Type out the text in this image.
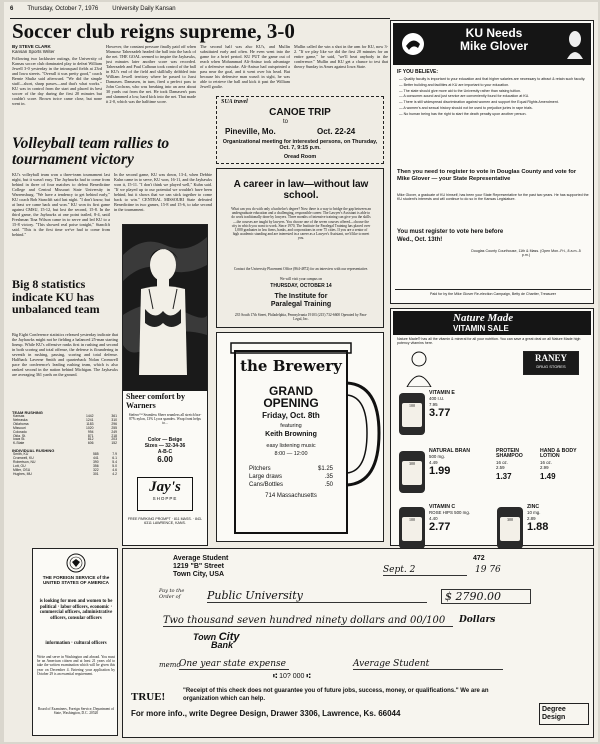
6 Thursday, October 7, 1976 University Daily Kansan
Soccer club reigns supreme, 3-0
By STEVE CLARK
Kansan Sports Writer
Following two lackluster outings, the University of Kansas soccer club dominated play to defeat William Jewell 3-0 yesterday in the intrasquad fields at 23rd and Iowa streets. "Overall it was pretty good," coach Bernie Shultz said afterward. "We did the simple stuff—short, sharp passes—and that's what works." KU was in control from the start and placed its best soccer of the day during the first 20 minutes but couldn't score. Brown twice came close, but none went in.
However, the constant pressure finally paid off when Mansour Taherzadeh headed the ball into the back of the net. THE GOAL seemed to inspire the Jayhawks, just minutes later another score was recorded. Taherzadeh and Paul Calhoun took control of the ball in KU's end of the field and skillfully dribbled into William Jewell territory where he passed to Jussi Damasen. Damasen, in turn, fired a perfect pass to John Cochran, who was breaking into an area about 30 yards out from the net. He took Damasen's pass and slammed a low, hard kick into the net. That made it 2-0, which was the halftime score.
The second half was also KU's, and Mullin substituted early and often. He even went into the game for a brief period. KU PUT the game out of reach when Mohammad Ali-Anisur took advantage of a defensive mistake. Ali-Anisur had outsprinted a pass near the goal, and it went over his head. But because his defensive man wasn't in sight, he was able to retrieve the ball and kick it past the William Jewell goalie.
Mullin called the win a shot in the arm for KU, now 3-2. "If we play like we did the first 20 minutes for an entire game," he said, "we'll beat anybody in the conference." Mullin and KU get a chance to test that theory Sunday in Ames against Iowa State.
Volleyball team rallies to tournament victory
KU's volleyball team won a three-team tournament last night, but it wasn't easy. The Jayhawks had to come from behind in three of four matches to defeat Benedictine College and Central Missouri State University in Warrensburg. "We have a tendency to get behind early," KU coach Bob Stanclift said last night. "I don't know, but at least we came back and won." KU won its first game against CMSU, 15-12, but lost the second, 15-8. In the third game, the Jayhawks at one point trailed, 8-4, until Freshman Tina Wilson came in to serve and led KU to a 15-8 victory. "This showed real poise tonight," Stanclift said. "This is the first time we've had to come from behind."
In the second game, KU was down, 13-4, when Debbie Kuhn came in to serve, KU won, 16-11, and the Jayhawks won it, 15-11. "I don't think we played well," Kuhn said. "If we played up to our potential we wouldn't have been behind, but it shows that we can stick together to come back to win." CENTRAL MISSOURI State defeated Benedictine in two games, 15-8 and 15-6, to take second in the tournament.
Big 8 statistics indicate KU has unbalanced team
Big Eight Conference statistics released yesterday indicate that the Jayhawks might not be fielding a balanced 25-man starting lineup. While KU's offensive ranks first in rushing and second in both scoring and total offense, the defense is floundering in seventh in rushing, passing, scoring and total defense. Halfback Laverne Smith and quarterback Nolan Cromwell pace the conference's leading rushing team, which is also ranked second in the nation behind Michigan. The Jayhawks are averaging 361 yards on the ground.
TEAM RUSHING
Kansas	1442	361
Nebraska	1241	310
Oklahoma	1183	296
Missouri	1020	255
Colorado	994	249
Okla. St.	871	218
Iowa St.	812	203
K-State	606	152
INDIVIDUAL RUSHING
Smith, KU	585	7.9
Cromwell, KU	441	6.1
Robertson, NU	390	5.4
Lott, OU	356	5.0
Miller, OSU	322	4.6
Hughes, MU	301	4.2
Sheer comfort by Warners
Stefero™ Seamless Sheer seamless all stretch bra- 87% nylon, 13% Lycra spandex. Wrap front helps to...
Color — Beige
Sizes — 32-34-36
A-B-C
6.00
Jay's
SHOPPE
FREE PARKING PROMPT · 811 MASS. · 843-6311 LAWRENCE, KANS.
THE FOREIGN SERVICE of the UNITED STATES OF AMERICA
is looking for men and women to be political · labor officers, economic · commercial officers, administrative officers, consular officers
information · cultural officers
Write and serve in Washington and abroad. You must be an American citizen and at least 21 years old to take the written examination which will be given this year on December 4. Entering your application by October 29 is an essential requirement.
Board of Examiners, Foreign Service, Department of State, Washington, D.C. 20520
SUA travel
CANOE TRIP
to
Pineville, Mo.	Oct. 22-24
Organizational meeting for interested persons, on Thursday, Oct. 7, 9:15 p.m.
Oread Room
A career in law—without law school.
What can you do with only a bachelor's degree? Now there is a way to bridge the gap between an undergraduate education and a challenging, responsible career. The Lawyer's Assistant is able to do work traditionally done by lawyers. Three months of intensive training can give you the skills—the courses are taught by lawyers. You choose one of the seven courses offered—choose the city in which you want to work. Since 1970, The Institute for Paralegal Training has placed over 1,000 graduates in law firms, banks, and corporations in over 75 cities. If you are a senior of high academic standing and are interested in a career as a Lawyer's Assistant, we'd like to meet you.
Contact the University Placement Office (864-4872) for an interview with our representative.
We will visit your campus on
THURSDAY, OCTOBER 14
The Institute for
Paralegal Training
235 South 17th Street, Philadelphia, Pennsylvania 19103 (215) 732-6600 Operated by Para-Legal, Inc.
the Brewery
GRAND
OPENING
Friday, Oct. 8th
featuring
Keith Browning
easy listening music
8:00 — 12:00
Pitchers	$1.25
Large draws	.35
Cans/Bottles	.50
714 Massachusetts
KU Needs
Mike Glover
IF YOU BELIEVE:
— Quality faculty is important to your education and that higher salaries are necessary to attract & retain such faculty.
— Better building and facilities at KU are important to your education.
— The state should give more aid to the University rather than raising tuition.
— A consumer-sound and just service are conveniently found for education at KU.
— There is still widespread discrimination against women and support the Equal Rights Amendment.
— A women's and sexual history should not be used to prejudice juries in rape trials.
— No human being has the right to start the death penalty upon another person.
Then you need to register to vote in Douglas County and vote for Mike Glover — your State Representative
Mike Glover, a graduate of KU himself, has been your State Representative for the past two years. He has supported the KU student's interests and will continue to do so in the Kansas Legislature.
You must register to vote here before
Wed., Oct. 13th!
Douglas County Courthouse, 11th & Mass. (Open Mon.-Fri., 8 a.m.-5 p.m.)
Paid for by the Mike Glover Re-election Campaign, Betty de Chartier, Treasurer
Nature Made
VITAMIN SALE
Nature Made® has all the vitamin & mineral for all your nutrition. You can save a great deal on all Nature Made high potency vitamins here.
RANEY
DRUG STORES
100
VITAMIN E
400 I.U.
7.95
3.77
300
NATURAL BRAN
500 mg.
4.49
1.99
PROTEIN SHAMPOO
16 oz.
2.59
1.37
HAND & BODY LOTION
16 oz.
2.99
1.49
100
VITAMIN C
ROSE HIPS 500 mg.
4.40
2.77
300
ZINC
10 mg.
2.89
1.88
Average Student
1219 "B" Street
Town City, USA
472
Sept. 2	19 76
Pay to the Order of	Public University	$ 2790.00
Two thousand seven hundred ninety dollars and 00/100	Dollars
Town City
Bank
memo
One year state expense	Average Student
⑆ 10? 000 ⑆
TRUE!	"Receipt of this check does not guarantee you of future jobs, success, money, or qualifications." We are an organization which can help.
For more info., write Degree Design, Drawer 3306, Lawrence, Ks. 66044	Degree Design
